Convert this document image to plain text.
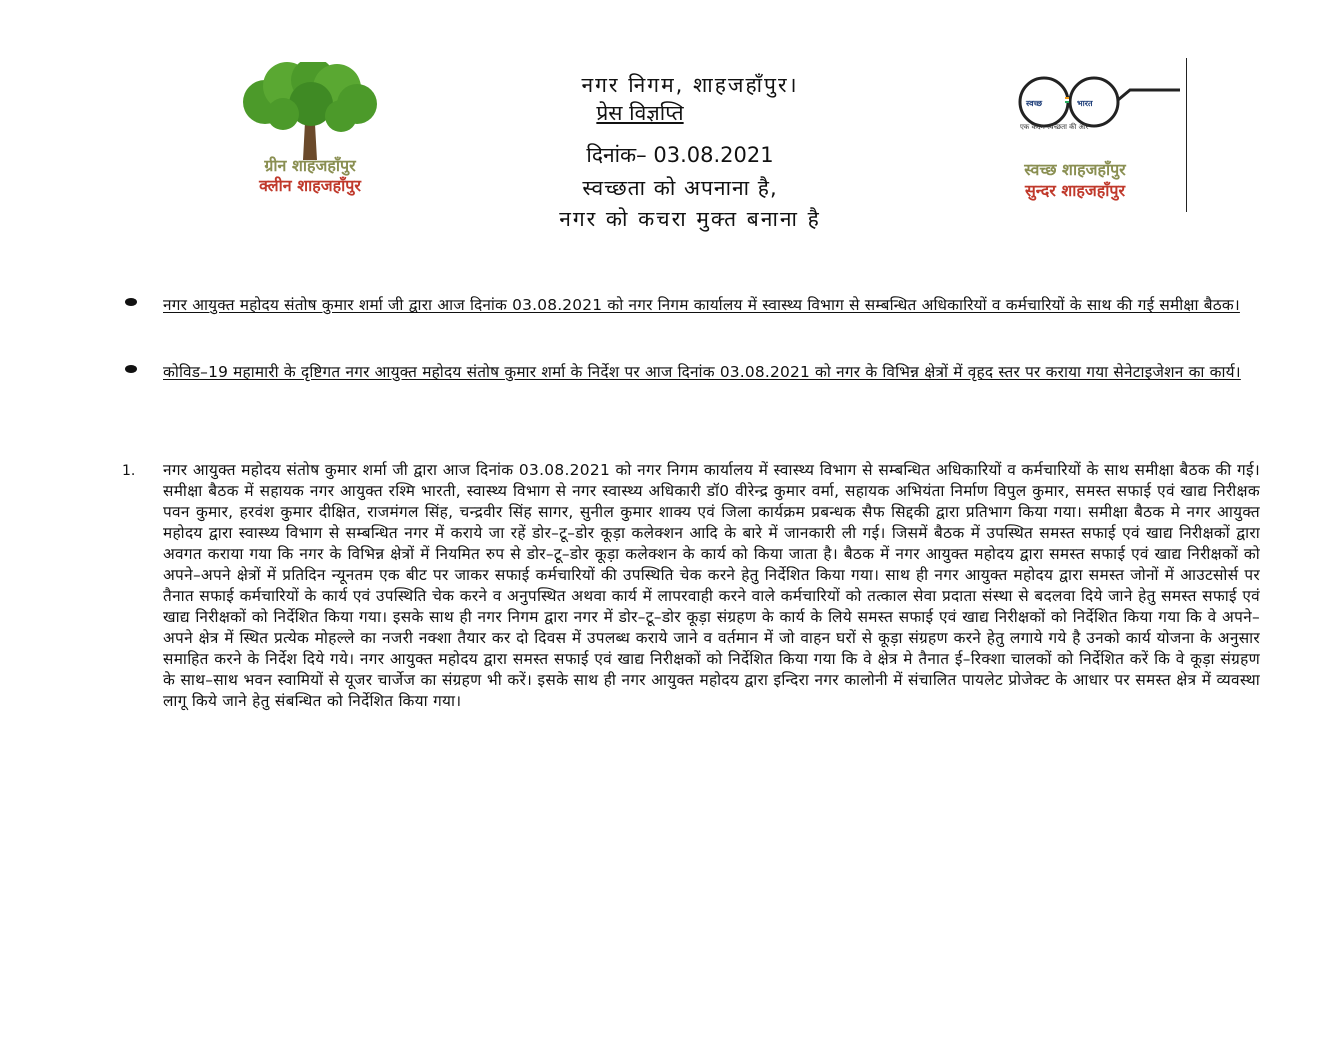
ग्रीन शाहजहाँपुर
क्लीन शाहजहाँपुर
नगर निगम, शाहजहाँपुर।
प्रेस विज्ञप्ति
दिनांक– 03.08.2021
स्वच्छता को अपनाना है,
नगर को कचरा मुक्त बनाना है
स्वच्छ	भारत
एक कदम स्वच्छता की ओर
स्वच्छ शाहजहाँपुर
सुन्दर शाहजहाँपुर
नगर आयुक्त महोदय संतोष कुमार शर्मा जी द्वारा आज दिनांक 03.08.2021 को नगर निगम कार्यालय में स्वास्थ्य विभाग से सम्बन्धित अधिकारियों व कर्मचारियों के साथ की गई समीक्षा बैठक।
कोविड–19 महामारी के दृष्टिगत नगर आयुक्त महोदय संतोष कुमार शर्मा के निर्देश पर आज दिनांक 03.08.2021 को नगर के विभिन्न क्षेत्रों में वृहद स्तर पर कराया गया सेनेटाइजेशन का कार्य।
1. नगर आयुक्त महोदय संतोष कुमार शर्मा जी द्वारा आज दिनांक 03.08.2021 को नगर निगम कार्यालय में स्वास्थ्य विभाग से सम्बन्धित अधिकारियों व कर्मचारियों के साथ समीक्षा बैठक की गई। समीक्षा बैठक में सहायक नगर आयुक्त रश्मि भारती, स्वास्थ्य विभाग से नगर स्वास्थ्य अधिकारी डॉ0 वीरेन्द्र कुमार वर्मा, सहायक अभियंता निर्माण विपुल कुमार, समस्त सफाई एवं खाद्य निरीक्षक पवन कुमार, हरवंश कुमार दीक्षित, राजमंगल सिंह, चन्द्रवीर सिंह सागर, सुनील कुमार शाक्य एवं जिला कार्यक्रम प्रबन्धक सैफ सिद्दकी द्वारा प्रतिभाग किया गया। समीक्षा बैठक मे नगर आयुक्त महोदय द्वारा स्वास्थ्य विभाग से सम्बन्धित नगर में कराये जा रहें डोर–टू–डोर कूड़ा कलेक्शन आदि के बारे में जानकारी ली गई। जिसमें बैठक में उपस्थित समस्त सफाई एवं खाद्य निरीक्षकों द्वारा अवगत कराया गया कि नगर के विभिन्न क्षेत्रों में नियमित रुप से डोर–टू–डोर कूड़ा कलेक्शन के कार्य को किया जाता है। बैठक में नगर आयुक्त महोदय द्वारा समस्त सफाई एवं खाद्य निरीक्षकों को अपने–अपने क्षेत्रों में प्रतिदिन न्यूनतम एक बीट पर जाकर सफाई कर्मचारियों की उपस्थिति चेक करने हेतु निर्देशित किया गया। साथ ही नगर आयुक्त महोदय द्वारा समस्त जोनों में आउटसोर्स पर तैनात सफाई कर्मचारियों के कार्य एवं उपस्थिति चेक करने व अनुपस्थित अथवा कार्य में लापरवाही करने वाले कर्मचारियों को तत्काल सेवा प्रदाता संस्था से बदलवा दिये जाने हेतु समस्त सफाई एवं खाद्य निरीक्षकों को निर्देशित किया गया। इसके साथ ही नगर निगम द्वारा नगर में डोर–टू–डोर कूड़ा संग्रहण के कार्य के लिये समस्त सफाई एवं खाद्य निरीक्षकों को निर्देशित किया गया कि वे अपने–अपने क्षेत्र में स्थित प्रत्येक मोहल्ले का नजरी नक्शा तैयार कर दो दिवस में उपलब्ध कराये जाने व वर्तमान में जो वाहन घरों से कूड़ा संग्रहण करने हेतु लगाये गये है उनको कार्य योजना के अनुसार समाहित करने के निर्देश दिये गये। नगर आयुक्त महोदय द्वारा समस्त सफाई एवं खाद्य निरीक्षकों को निर्देशित किया गया कि वे क्षेत्र मे तैनात ई–रिक्शा चालकों को निर्देशित करें कि वे कूड़ा संग्रहण के साथ–साथ भवन स्वामियों से यूजर चार्जेज का संग्रहण भी करें। इसके साथ ही नगर आयुक्त महोदय द्वारा इन्दिरा नगर कालोनी में संचालित पायलेट प्रोजेक्ट के आधार पर समस्त क्षेत्र में व्यवस्था लागू किये जाने हेतु संबन्धित को निर्देशित किया गया।
